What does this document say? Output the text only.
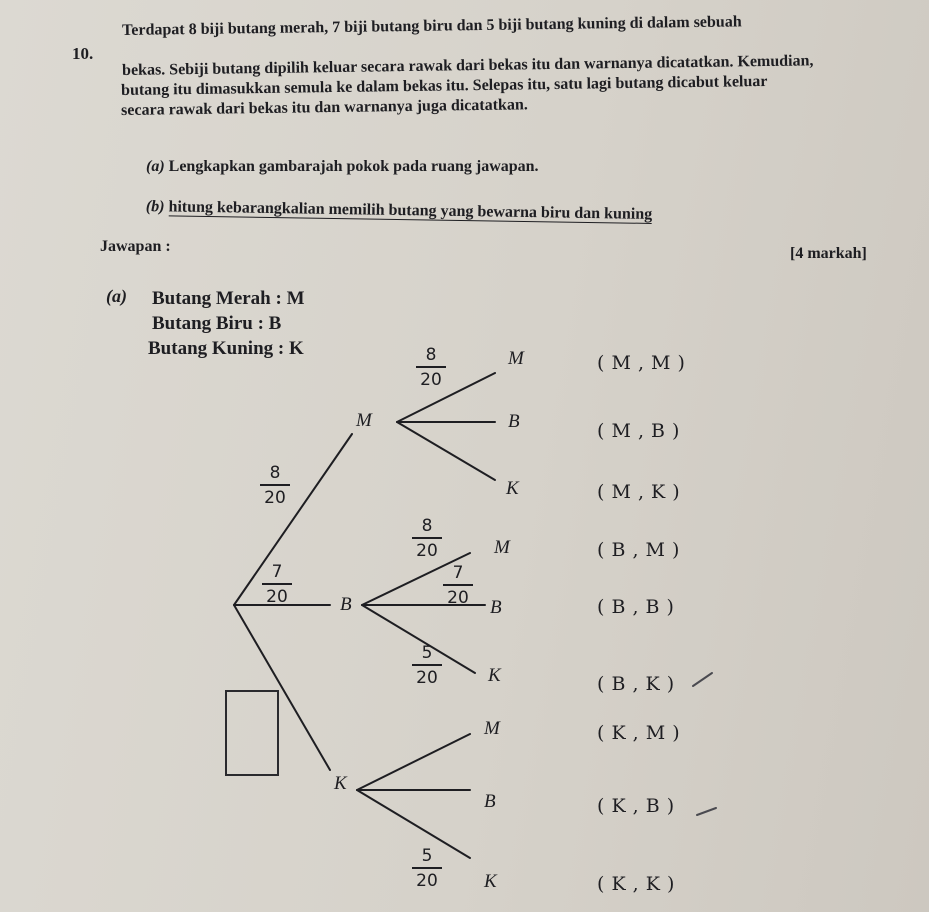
10.
Terdapat 8 biji butang merah, 7 biji butang biru dan 5 biji butang kuning di dalam sebuah
bekas. Sebiji butang dipilih keluar secara rawak dari bekas itu dan warnanya dicatatkan. Kemudian,
butang itu dimasukkan semula ke dalam bekas itu. Selepas itu, satu lagi butang dicabut keluar
secara rawak dari bekas itu dan warnanya juga dicatatkan.
(a) Lengkapkan gambarajah pokok pada ruang jawapan.
(b) hitung kebarangkalian memilih butang yang bewarna biru dan kuning
Jawapan :	[4 markah]
(a) Butang Merah : M
Butang Biru : B
Butang Kuning : K
M
B
K
$\frac{8}{20}$
$\frac{7}{20}$
M
B
K
M
B
K
M
B
K
$\frac{8}{20}$
$\frac{8}{20}$
$\frac{7}{20}$
$\frac{5}{20}$
$\frac{5}{20}$
( M , M )
( M , B )
( M , K )
( B , M )
( B , B )
( B , K )
( K , M )
( K , B )
( K , K )
